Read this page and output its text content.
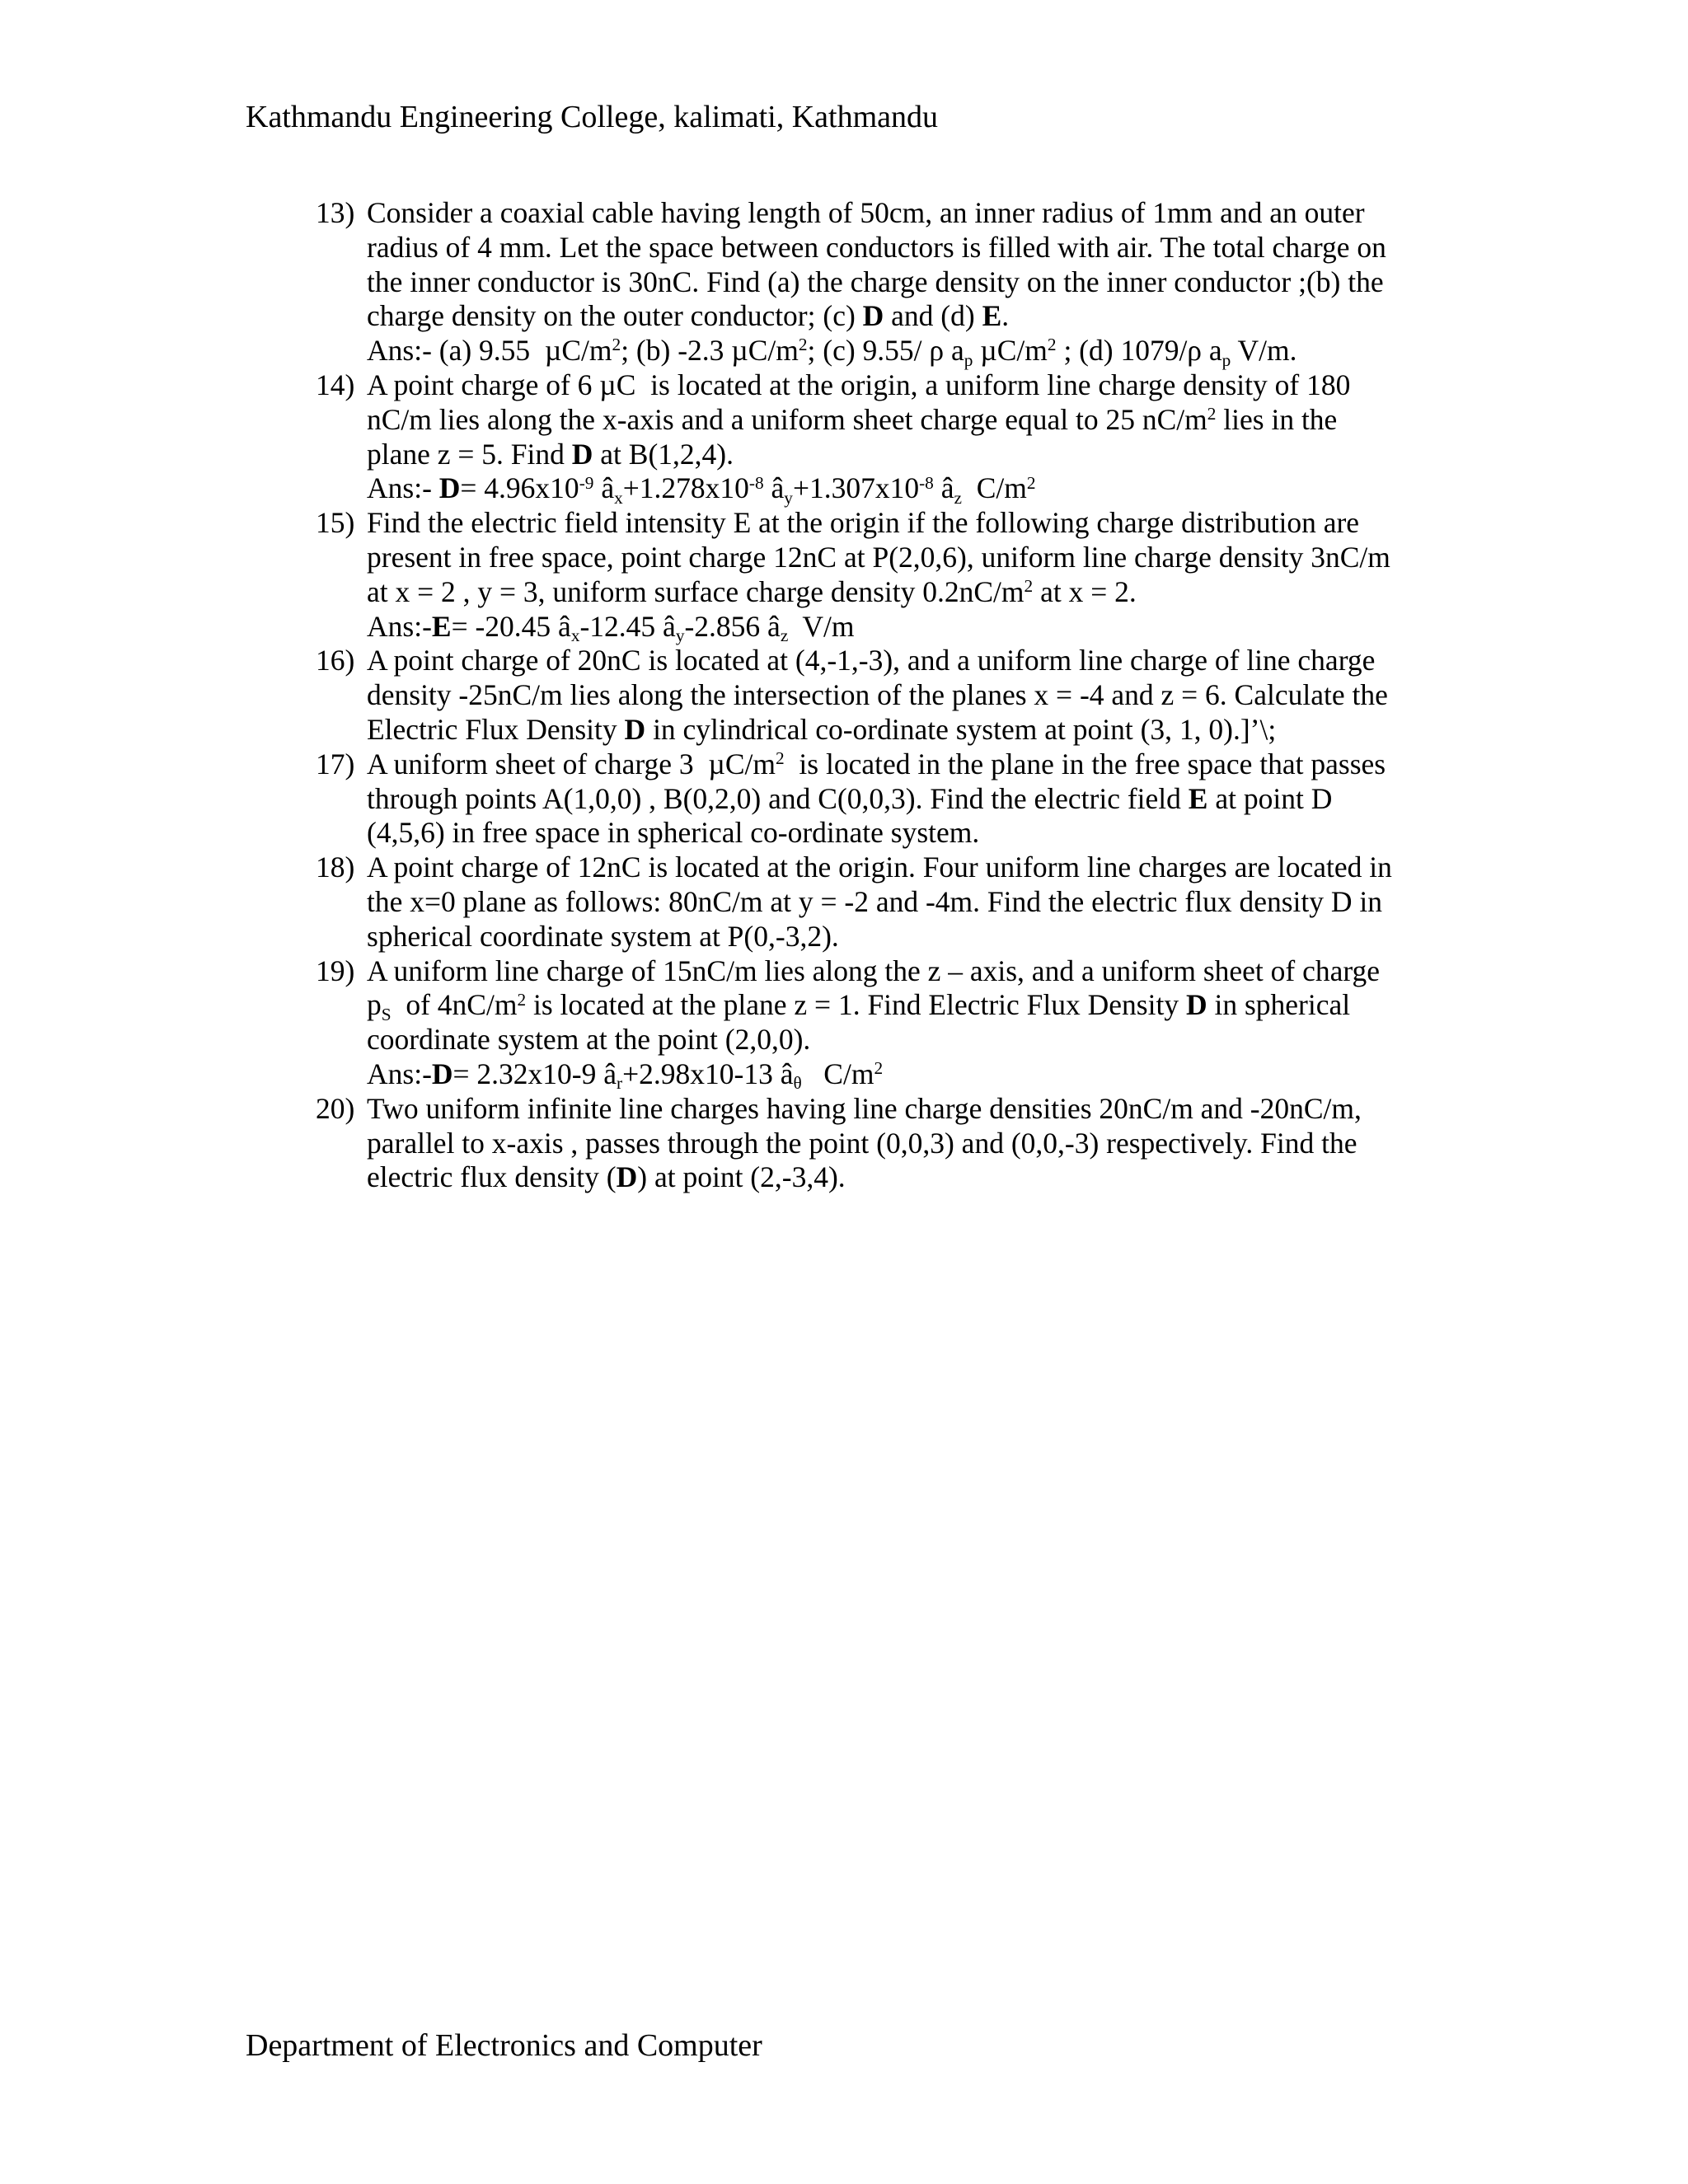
Kathmandu Engineering College, kalimati, Kathmandu
13) Consider a coaxial cable having length of 50cm, an inner radius of 1mm and an outer
radius of 4 mm. Let the space between conductors is filled with air. The total charge on
the inner conductor is 30nC. Find (a) the charge density on the inner conductor ;(b) the
charge density on the outer conductor; (c) D and (d) E.
Ans:- (a) 9.55  $\mu C/m^2$; (b) -2.3 $\mu C/m^2$; (c) 9.55/ ρ $a_p$ $\mu C/m^2$ ; (d) 1079/ρ $a_p$ V/m.
14) A point charge of 6 µC  is located at the origin, a uniform line charge density of 180
nC/m lies along the x-axis and a uniform sheet charge equal to 25 $nC/m^2$ lies in the
plane z = 5. Find D at B(1,2,4).
Ans:- $D= 4.96x10^{-9}$ $â_x+1.278x10^{-8}$ $â_y+1.307x10^{-8}$ $â_z$  $C/m^2$
15) Find the electric field intensity E at the origin if the following charge distribution are
present in free space, point charge 12nC at P(2,0,6), uniform line charge density 3nC/m
at x = 2 , y = 3, uniform surface charge density $0.2nC/m^2$ at x = 2.
Ans:-E= -20.45 $â_x-12.45$ $â_y-2.856$ $â_z$  V/m
16) A point charge of 20nC is located at (4,-1,-3), and a uniform line charge of line charge
density -25nC/m lies along the intersection of the planes x = -4 and z = 6. Calculate the
Electric Flux Density D in cylindrical co-ordinate system at point (3, 1, 0).]’\;
17) A uniform sheet of charge 3  $\mu C/m^2$  is located in the plane in the free space that passes
through points A(1,0,0) , B(0,2,0) and C(0,0,3). Find the electric field E at point D
(4,5,6) in free space in spherical co-ordinate system.
18) A point charge of 12nC is located at the origin. Four uniform line charges are located in
the x=0 plane as follows: 80nC/m at y = -2 and -4m. Find the electric flux density D in
spherical coordinate system at P(0,-3,2).
19) A uniform line charge of 15nC/m lies along the z – axis, and a uniform sheet of charge
$p_S$  of $4nC/m^2$ is located at the plane z = 1. Find Electric Flux Density D in spherical
coordinate system at the point (2,0,0).
Ans:-D= 2.32x10-9 $â_r+2.98x10-13$ $â_\theta$   $C/m^2$
20) Two uniform infinite line charges having line charge densities 20nC/m and -20nC/m,
parallel to x-axis , passes through the point (0,0,3) and (0,0,-3) respectively. Find the
electric flux density (D) at point (2,-3,4).
Department of Electronics and Computer
